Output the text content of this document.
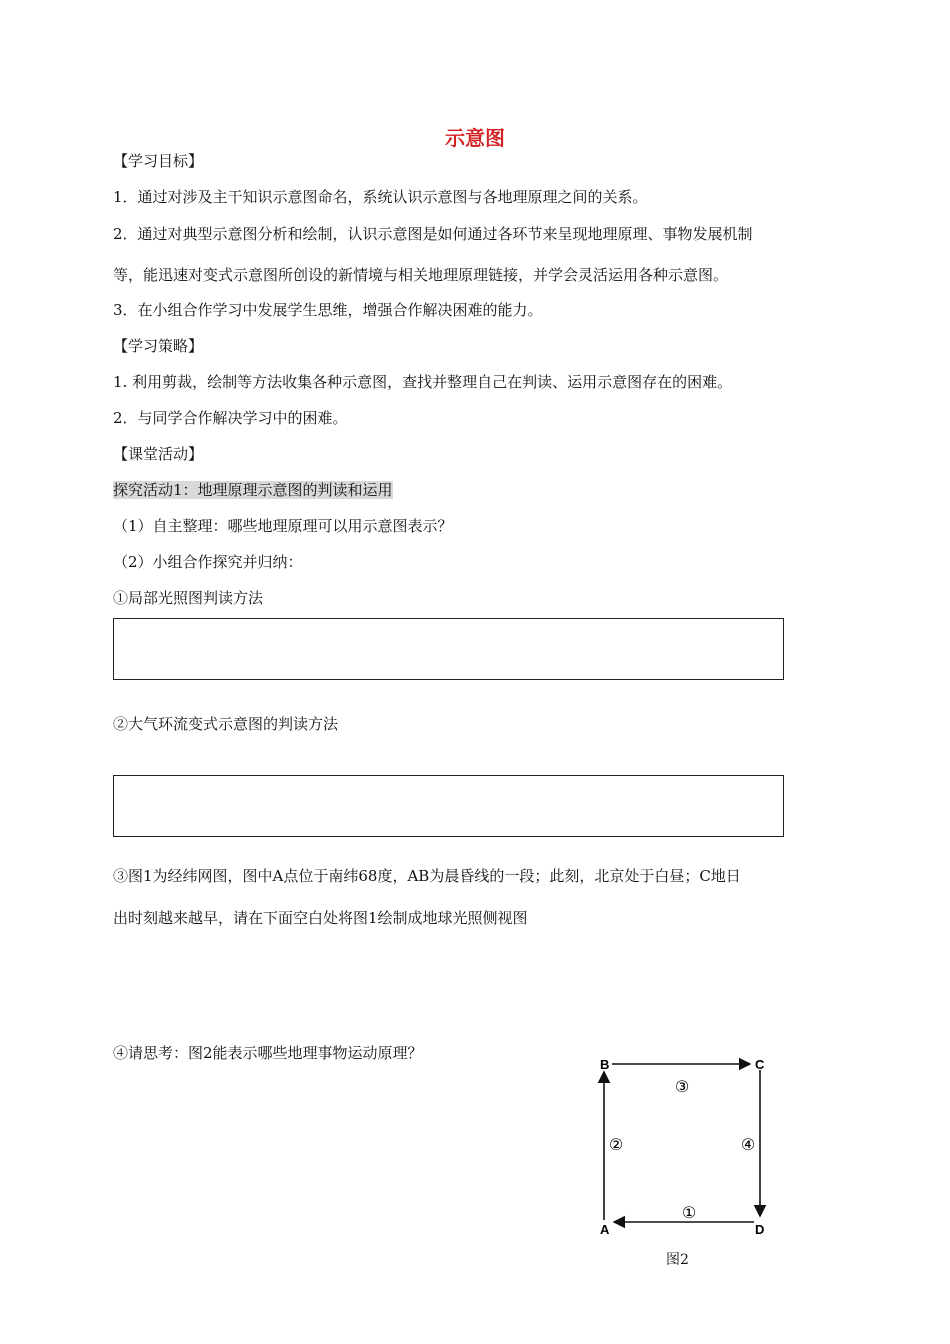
示意图
【学习目标】
1．通过对涉及主干知识示意图命名，系统认识示意图与各地理原理之间的关系。
2．通过对典型示意图分析和绘制，认识示意图是如何通过各环节来呈现地理原理、事物发展机制
等，能迅速对变式示意图所创设的新情境与相关地理原理链接，并学会灵活运用各种示意图。
3．在小组合作学习中发展学生思维，增强合作解决困难的能力。
【学习策略】
1. 利用剪裁，绘制等方法收集各种示意图，查找并整理自己在判读、运用示意图存在的困难。
2．与同学合作解决学习中的困难。
【课堂活动】
探究活动1：地理原理示意图的判读和运用
（1）自主整理：哪些地理原理可以用示意图表示？
（2）小组合作探究并归纳：
①局部光照图判读方法
②大气环流变式示意图的判读方法
③图1为经纬网图，图中A点位于南纬68度，AB为晨昏线的一段；此刻，北京处于白昼；C地日
出时刻越来越早，请在下面空白处将图1绘制成地球光照侧视图
④请思考：图2能表示哪些地理事物运动原理？
B	C
A	D
③
②	④
①
图2
